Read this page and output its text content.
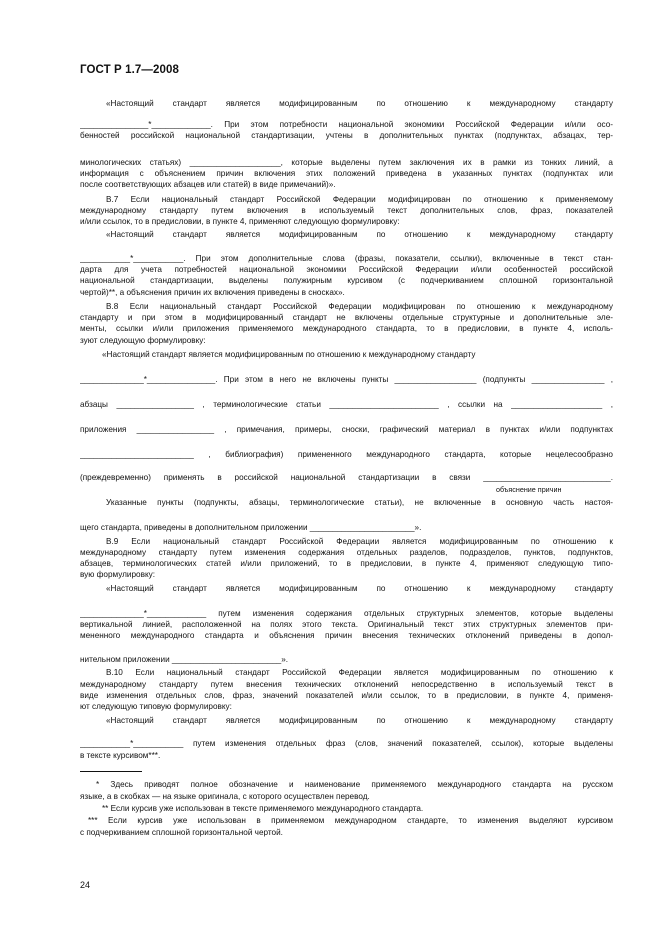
ГОСТ Р 1.7—2008
«Настоящий стандарт является модифицированным по отношению к международному стандарту
_______________*_____________. При этом потребности национальной экономики Российской Федерации и/или осо-
бенностей российской национальной стандартизации, учтены в дополнительных пунктах (подпунктах, абзацах, тер-
минологических статьях) ____________________, которые выделены путем заключения их в рамки из тонких линий, а
информация с объяснением причин включения этих положений приведена в указанных пунктах (подпунктах или
после соответствующих абзацев или статей) в виде примечаний)».
В.7 Если национальный стандарт Российской Федерации модифицирован по отношению к применяемому
международному стандарту путем включения в используемый текст дополнительных слов, фраз, показателей
и/или ссылок, то в предисловии, в пункте 4, применяют следующую формулировку:
«Настоящий стандарт является модифицированным по отношению к международному стандарту
___________*___________. При этом дополнительные слова (фразы, показатели, ссылки), включенные в текст стан-
дарта для учета потребностей национальной экономики Российской Федерации и/или особенностей российской
национальной стандартизации, выделены полужирным курсивом (с подчеркиванием сплошной горизонтальной
чертой)**, а объяснения причин их включения приведены в сносках».
В.8 Если национальный стандарт Российской Федерации модифицирован по отношению к международному
стандарту и при этом в модифицированный стандарт не включены отдельные структурные и дополнительные эле-
менты, ссылки и/или приложения применяемого международного стандарта, то в предисловии, в пункте 4, исполь-
зуют следующую формулировку:
«Настоящий стандарт является модифицированным по отношению к международному стандарту
______________*_______________. При этом в него не включены пункты __________________ (подпункты ________________ ,
абзацы _________________ , терминологические статьи ________________________ , ссылки на ____________________ ,
приложения _________________ , примечания, примеры, сноски, графический материал в пунктах и/или подпунктах
_________________________ , библиография) примененного международного стандарта, которые нецелесообразно
(преждевременно) применять в российской национальной стандартизации в связи ____________________________.
объяснение причин
Указанные пункты (подпункты, абзацы, терминологические статьи), не включенные в основную часть настоя-
щего стандарта, приведены в дополнительном приложении _______________________».
В.9 Если национальный стандарт Российской Федерации является модифицированным по отношению к
международному стандарту путем изменения содержания отдельных разделов, подразделов, пунктов, подпунктов,
абзацев, терминологических статей и/или приложений, то в предисловии, в пункте 4, применяют следующую типо-
вую формулировку:
«Настоящий стандарт является модифицированным по отношению к международному стандарту
______________*_____________ путем изменения содержания отдельных структурных элементов, которые выделены
вертикальной линией, расположенной на полях этого текста. Оригинальный текст этих структурных элементов при-
мененного международного стандарта и объяснения причин внесения технических отклонений приведены в допол-
нительном приложении ________________________».
В.10 Если национальный стандарт Российской Федерации является модифицированным по отношению к
международному стандарту путем внесения технических отклонений непосредственно в используемый текст в
виде изменения отдельных слов, фраз, значений показателей и/или ссылок, то в предисловии, в пункте 4, применя-
ют следующую типовую формулировку:
«Настоящий стандарт является модифицированным по отношению к международному стандарту
___________*___________ путем изменения отдельных фраз (слов, значений показателей, ссылок), которые выделены
в тексте курсивом***.
* Здесь приводят полное обозначение и наименование применяемого международного стандарта на русском
языке, а в скобках — на языке оригинала, с которого осуществлен перевод.
** Если курсив уже использован в тексте применяемого международного стандарта.
*** Если курсив уже использован в применяемом международном стандарте, то изменения выделяют курсивом
с подчеркиванием сплошной горизонтальной чертой.
24
